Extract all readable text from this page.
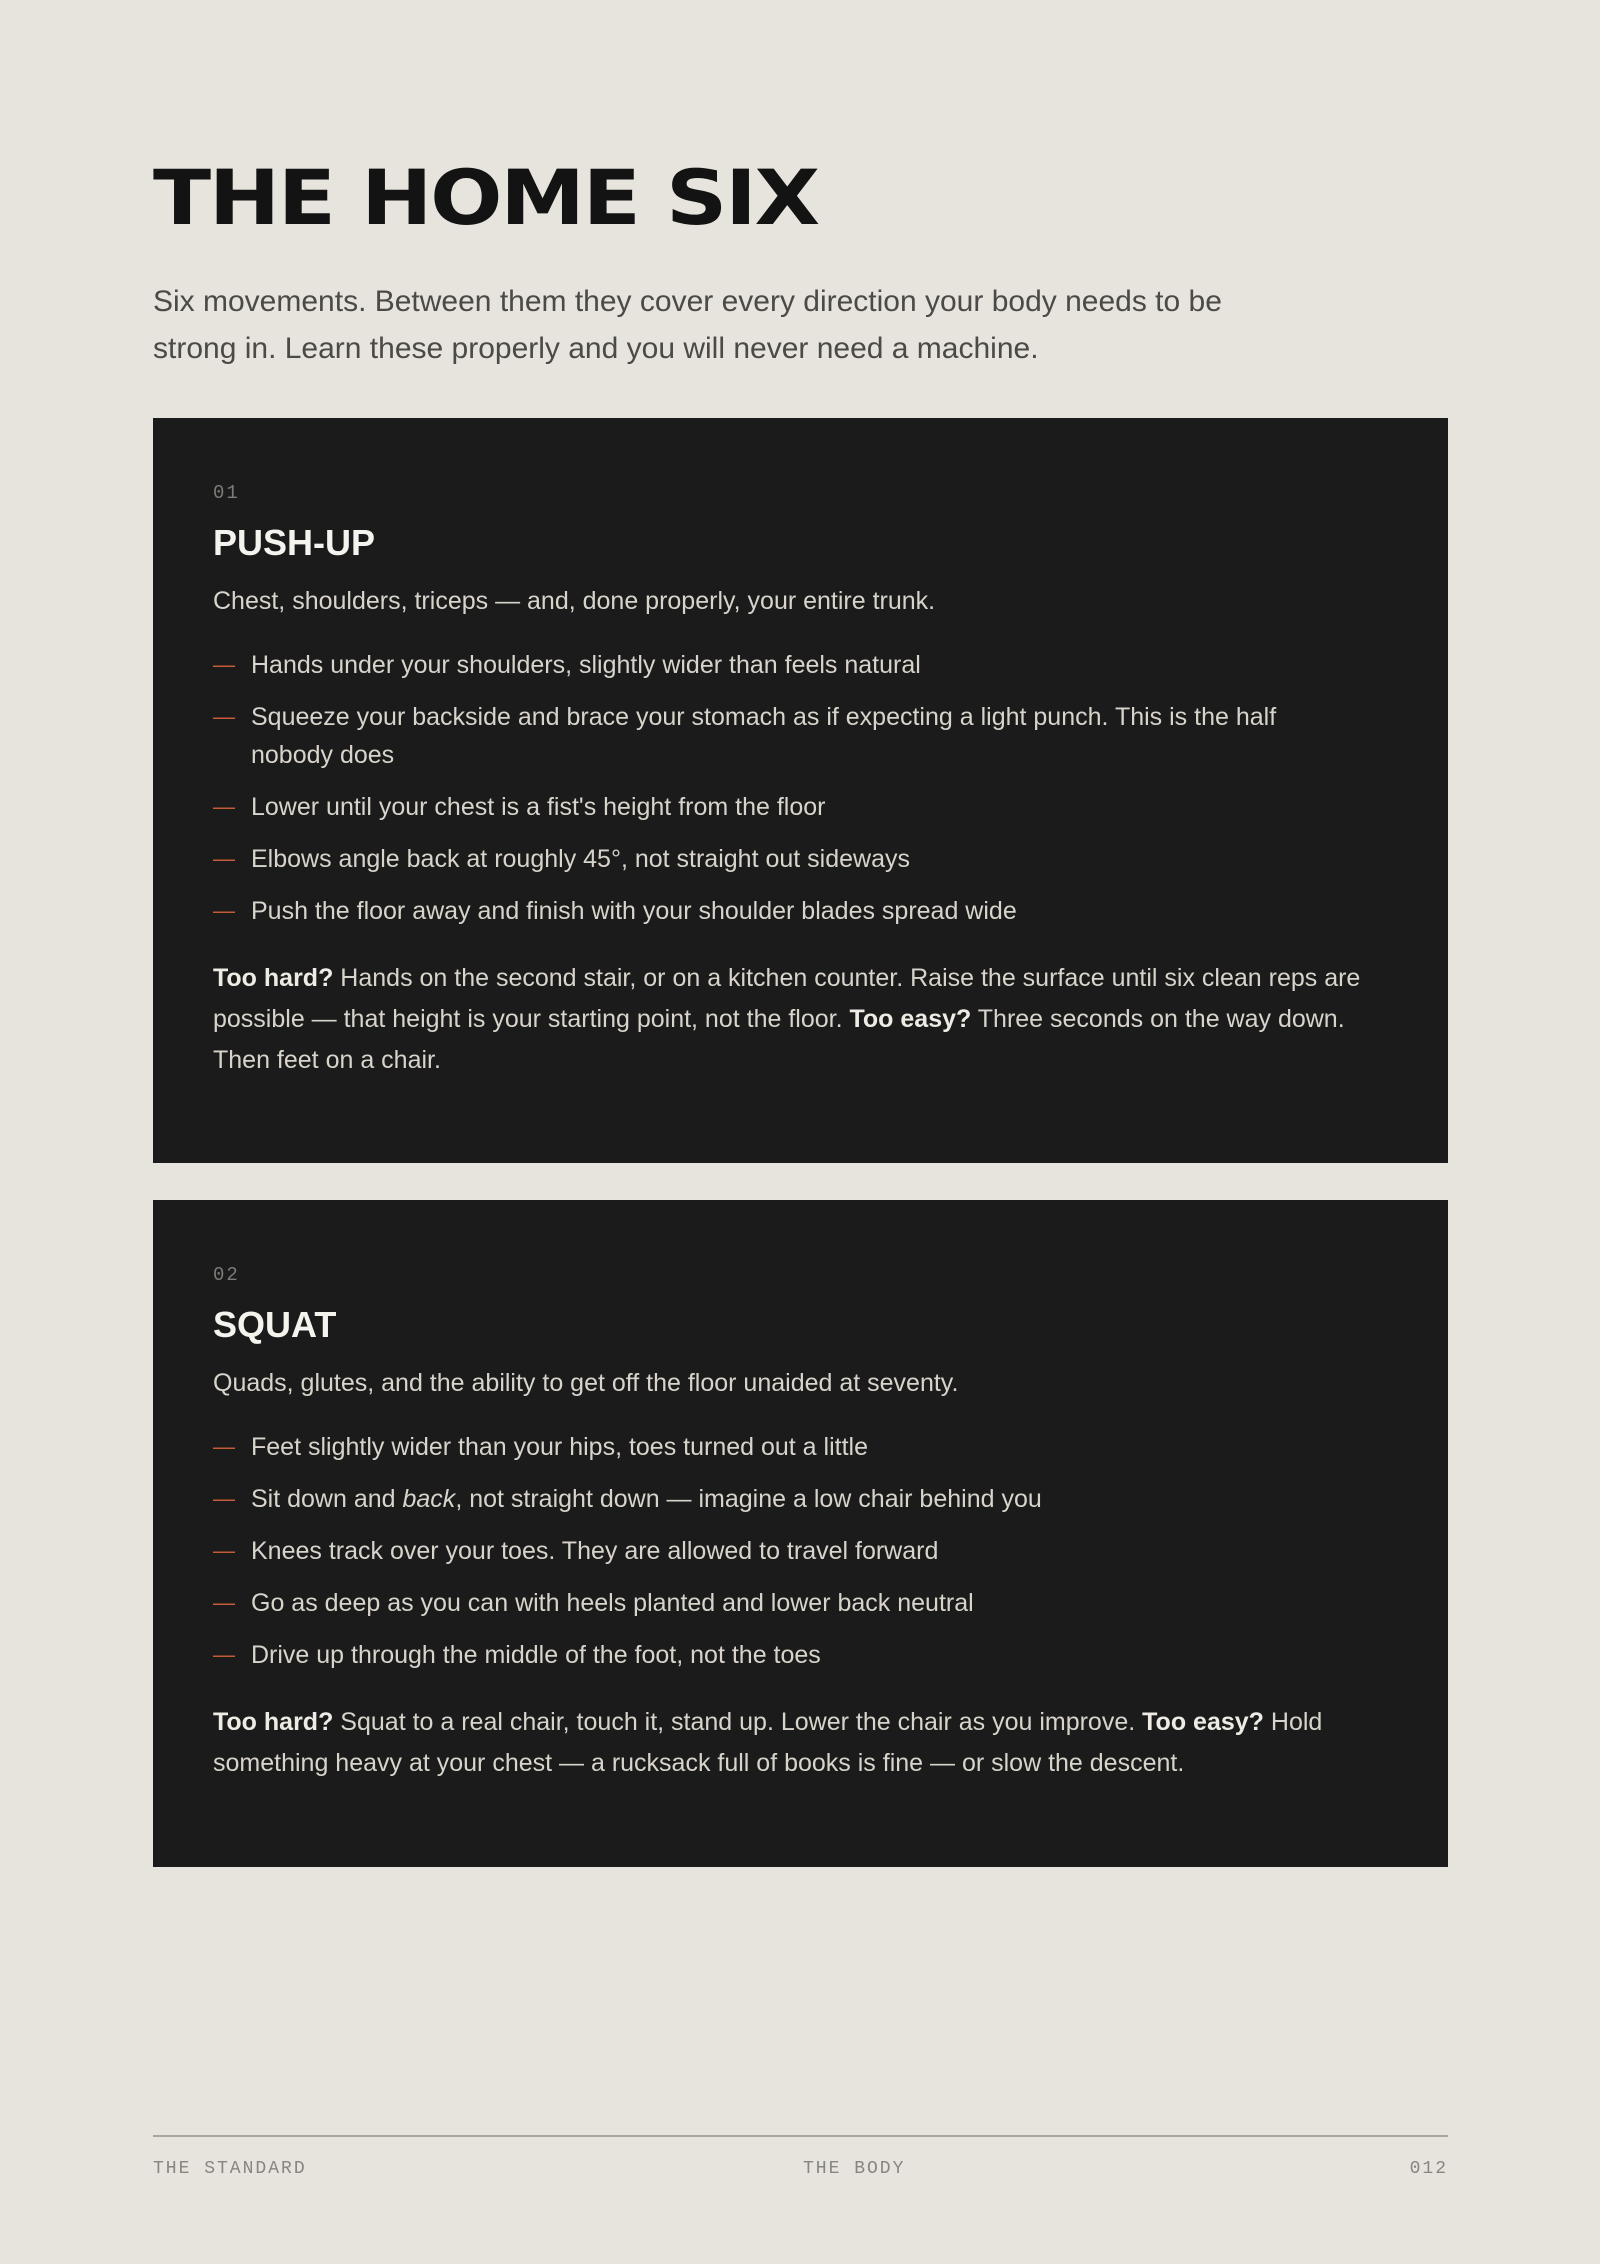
THE HOME SIX

Six movements. Between them they cover every direction your body needs to be strong in. Learn these properly and you will never need a machine.

01
PUSH-UP

Chest, shoulders, triceps — and, done properly, your entire trunk.

— Hands under your shoulders, slightly wider than feels natural
— Squeeze your backside and brace your stomach as if expecting a light punch. This is the half nobody does
— Lower until your chest is a fist's height from the floor
— Elbows angle back at roughly 45°, not straight out sideways
— Push the floor away and finish with your shoulder blades spread wide

Too hard? Hands on the second stair, or on a kitchen counter. Raise the surface until six clean reps are possible — that height is your starting point, not the floor. Too easy? Three seconds on the way down. Then feet on a chair.

02
SQUAT

Quads, glutes, and the ability to get off the floor unaided at seventy.

— Feet slightly wider than your hips, toes turned out a little
— Sit down and back, not straight down — imagine a low chair behind you
— Knees track over your toes. They are allowed to travel forward
— Go as deep as you can with heels planted and lower back neutral
— Drive up through the middle of the foot, not the toes

Too hard? Squat to a real chair, touch it, stand up. Lower the chair as you improve. Too easy? Hold something heavy at your chest — a rucksack full of books is fine — or slow the descent.

THE STANDARD	THE BODY	012
